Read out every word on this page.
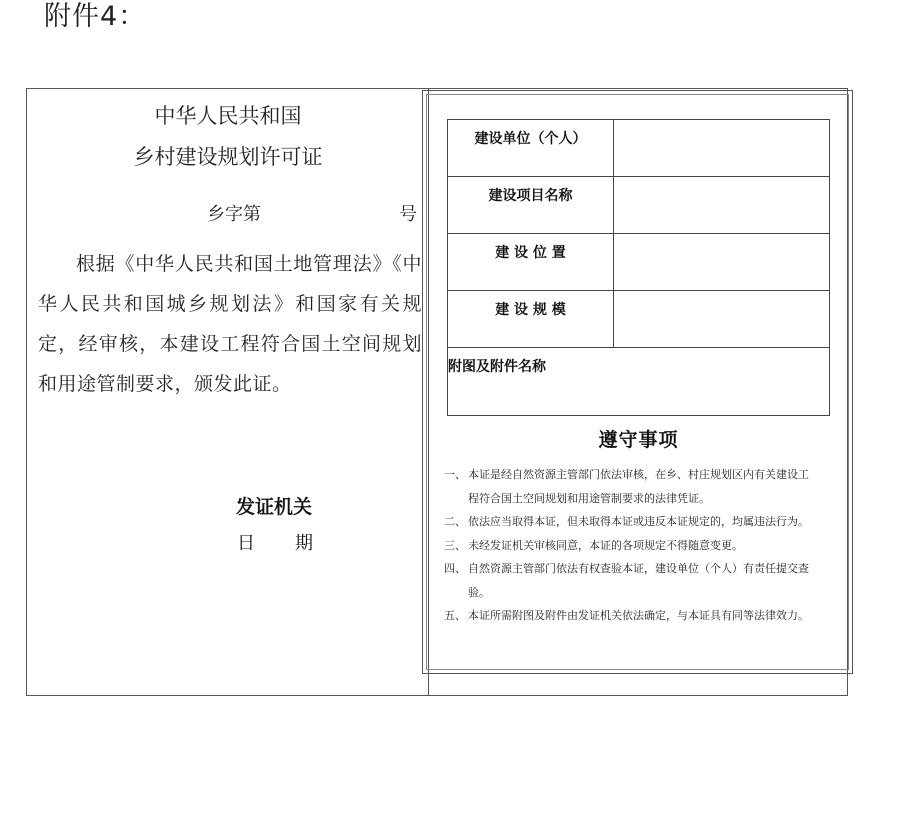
附件4：
中华人民共和国
乡村建设规划许可证
乡字第	号
根据《中华人民共和国土地管理法》《中华人民共和国城乡规划法》和国家有关规定，经审核，本建设工程符合国土空间规划和用途管制要求，颁发此证。
发证机关
日 期
建设单位（个人）	
建设项目名称	
建 设 位 置	
建 设 规 模	
附图及附件名称	
遵守事项
一、 本证是经自然资源主管部门依法审核，在乡、村庄规划区内有关建设工程符合国土空间规划和用途管制要求的法律凭证。
二、 依法应当取得本证，但未取得本证或违反本证规定的，均属违法行为。
三、 未经发证机关审核同意，本证的各项规定不得随意变更。
四、 自然资源主管部门依法有权查验本证，建设单位（个人）有责任提交查验。
五、 本证所需附图及附件由发证机关依法确定，与本证具有同等法律效力。
